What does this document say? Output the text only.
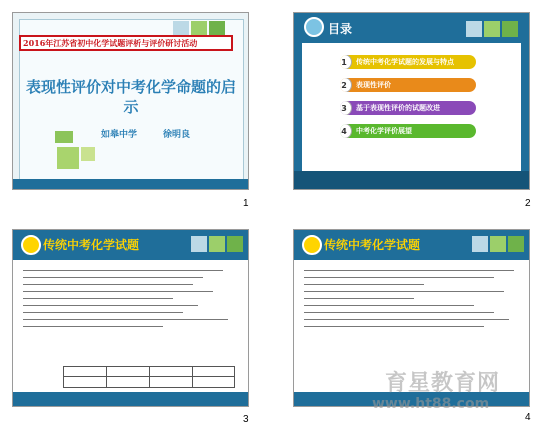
2016年江苏省初中化学试题评析与评价研讨活动
表现性评价对中考化学命题的启示
如皋中学	徐明良
1
目录
1	传统中考化学试题的发展与特点
2	表现性评价
3	基于表现性评价的试题改进
4	中考化学评价展望
2
传统中考化学试题
3
传统中考化学试题
4
育星教育网
www.ht88.com
